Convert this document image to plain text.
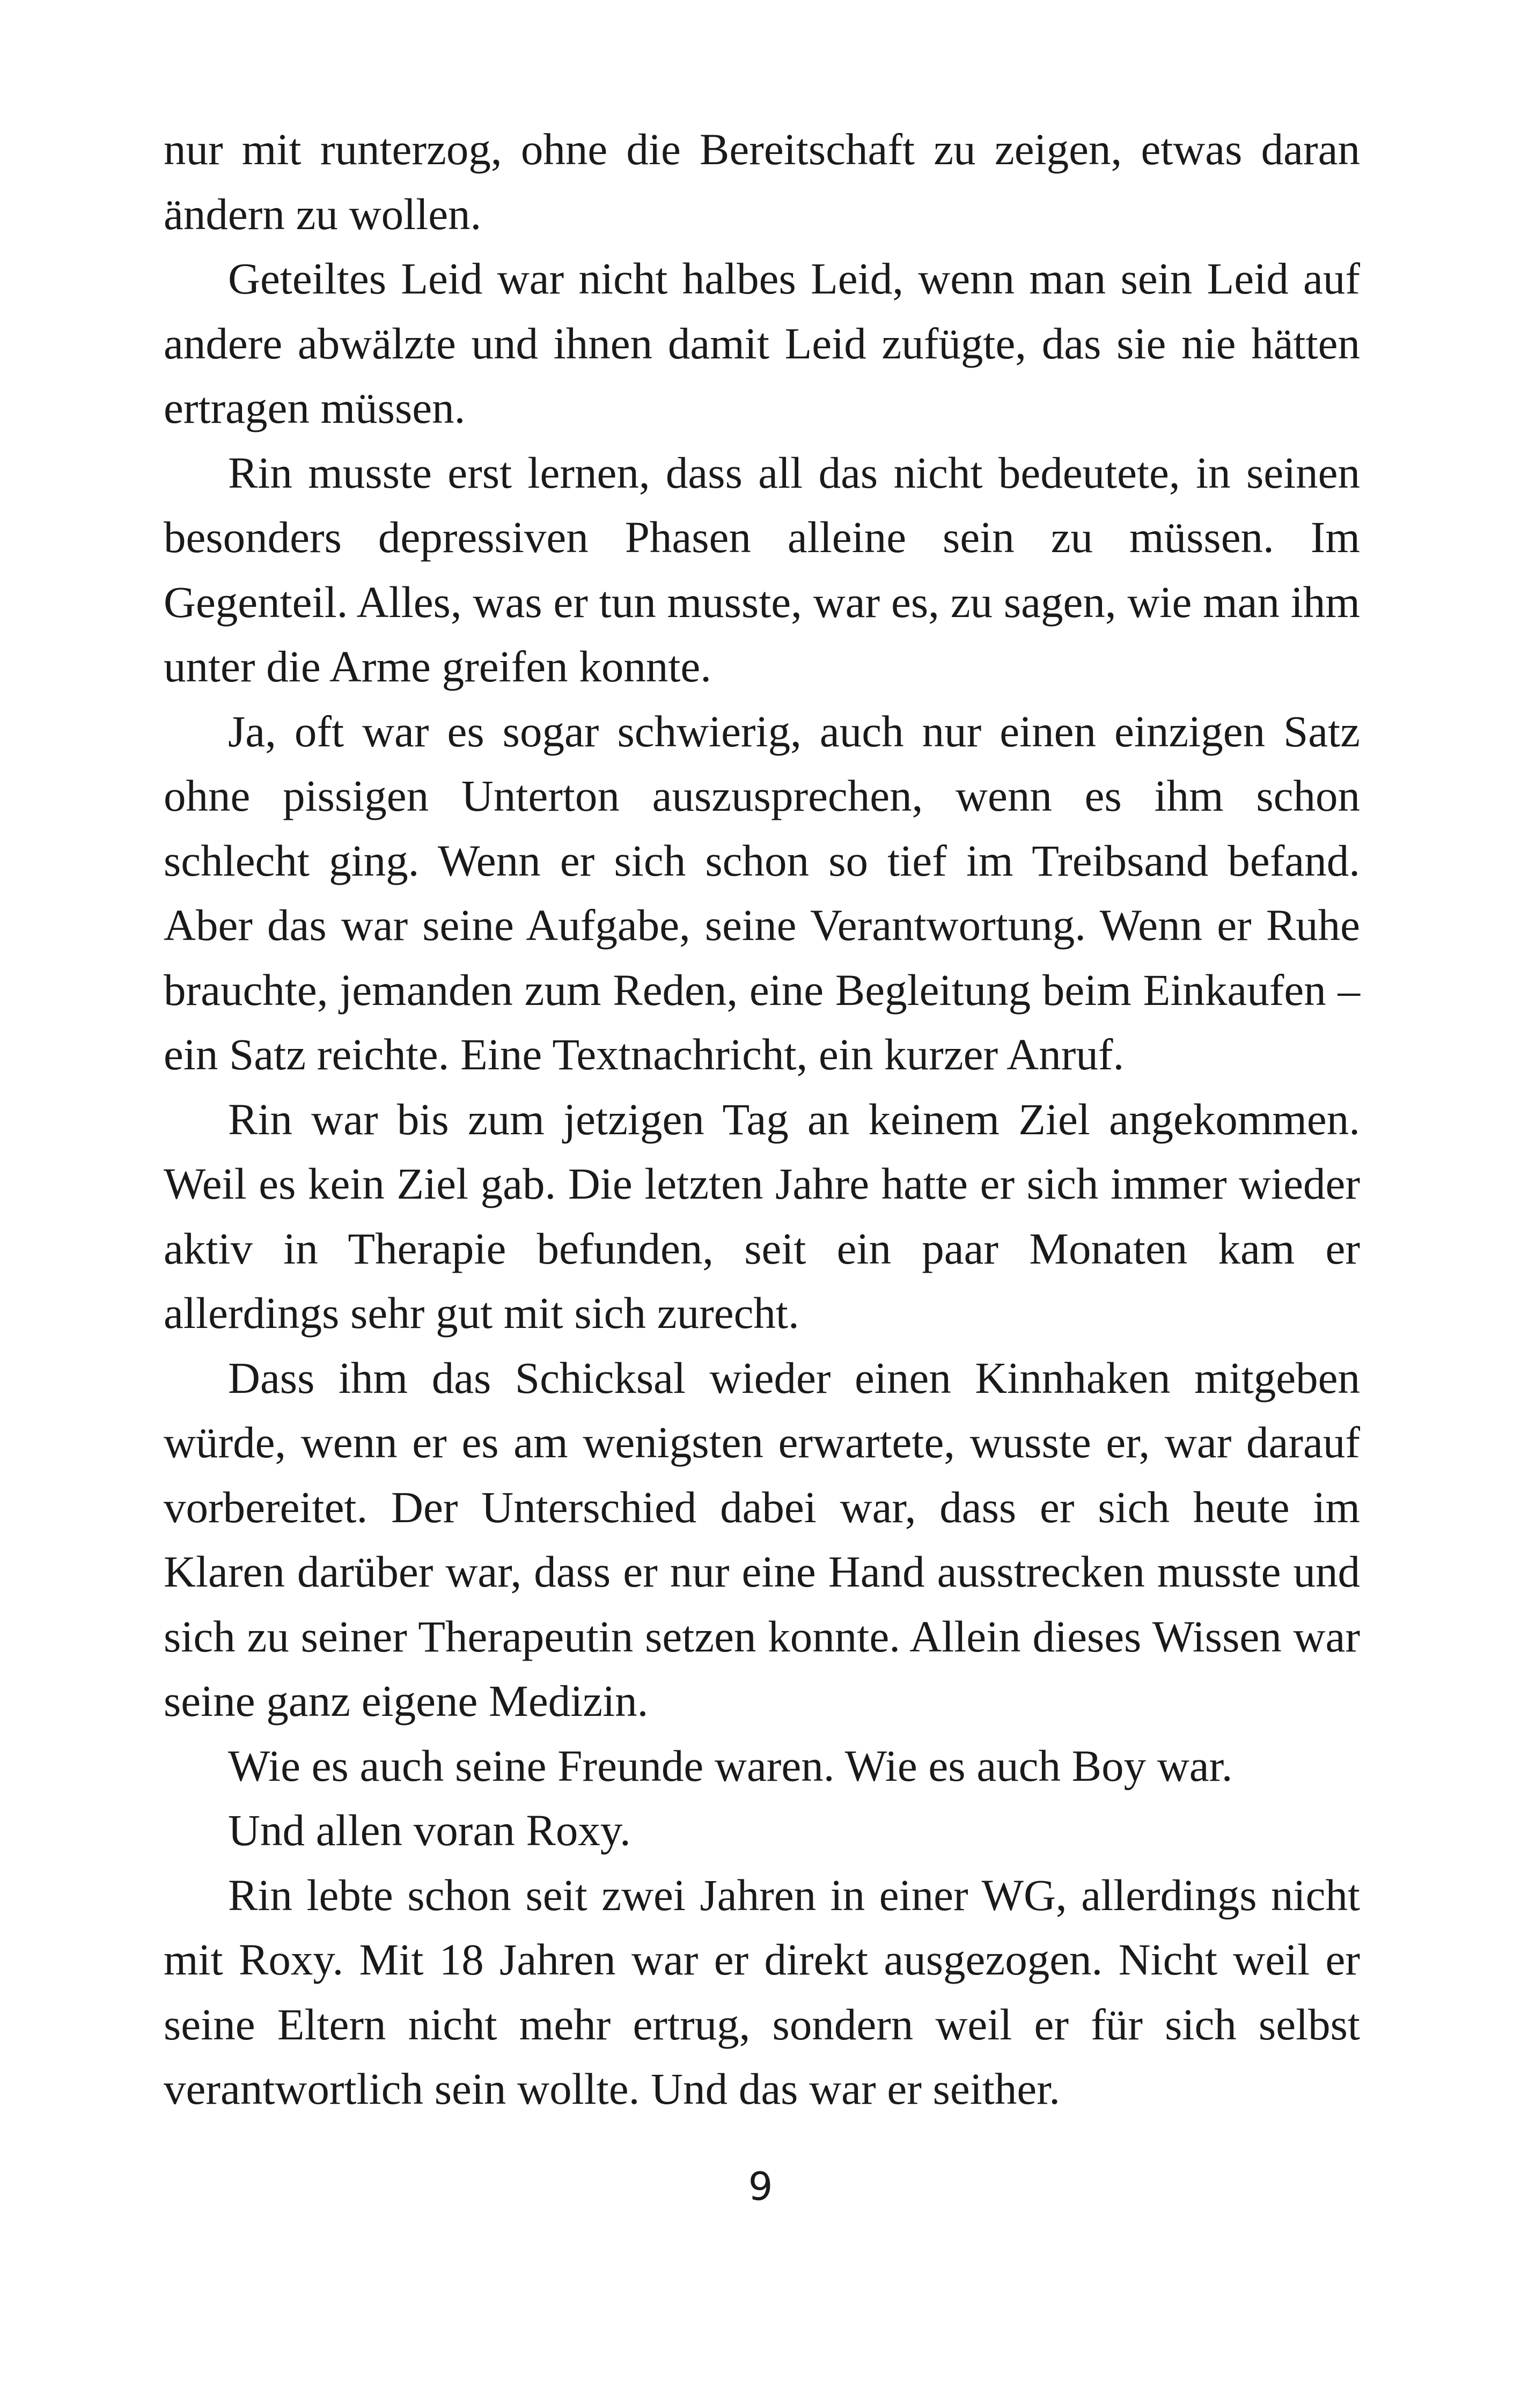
nur mit runterzog, ohne die Bereitschaft zu zeigen, etwas daran ändern zu wollen.

Geteiltes Leid war nicht halbes Leid, wenn man sein Leid auf andere abwälzte und ihnen damit Leid zufügte, das sie nie hätten ertragen müssen.

Rin musste erst lernen, dass all das nicht bedeutete, in seinen besonders depressiven Phasen alleine sein zu müssen. Im Gegenteil. Alles, was er tun musste, war es, zu sagen, wie man ihm unter die Arme greifen konnte.

Ja, oft war es sogar schwierig, auch nur einen einzigen Satz ohne pissigen Unterton auszusprechen, wenn es ihm schon schlecht ging. Wenn er sich schon so tief im Treibsand befand. Aber das war seine Aufgabe, seine Verantwortung. Wenn er Ruhe brauchte, jemanden zum Reden, eine Begleitung beim Einkaufen – ein Satz reichte. Eine Textnachricht, ein kurzer Anruf.

Rin war bis zum jetzigen Tag an keinem Ziel angekommen. Weil es kein Ziel gab. Die letzten Jahre hatte er sich immer wieder aktiv in Therapie befunden, seit ein paar Monaten kam er allerdings sehr gut mit sich zurecht.

Dass ihm das Schicksal wieder einen Kinnhaken mitgeben würde, wenn er es am wenigsten erwartete, wusste er, war darauf vorbereitet. Der Unterschied dabei war, dass er sich heute im Klaren darüber war, dass er nur eine Hand ausstrecken musste und sich zu seiner Therapeutin setzen konnte. Allein dieses Wissen war seine ganz eigene Medizin.

Wie es auch seine Freunde waren. Wie es auch Boy war.

Und allen voran Roxy.

Rin lebte schon seit zwei Jahren in einer WG, allerdings nicht mit Roxy. Mit 18 Jahren war er direkt ausgezogen. Nicht weil er seine Eltern nicht mehr ertrug, sondern weil er für sich selbst verantwortlich sein wollte. Und das war er seither.

9
